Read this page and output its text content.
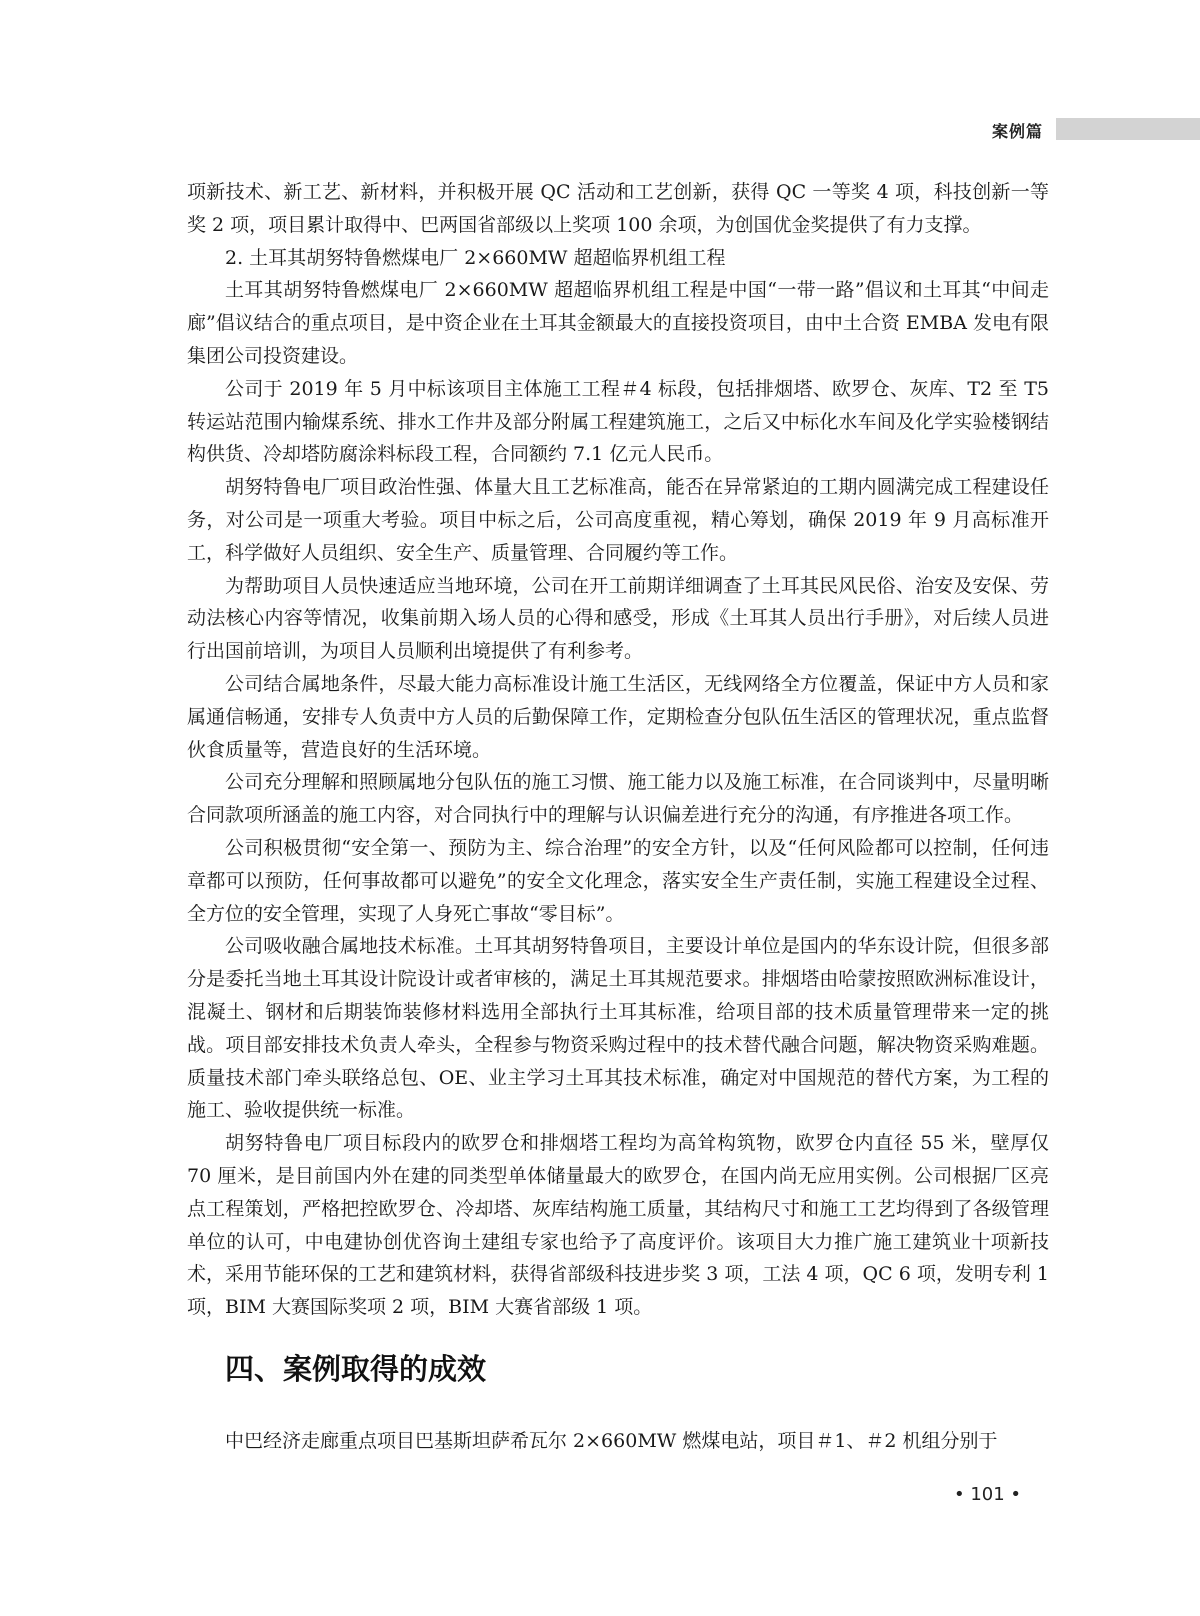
案例篇

项新技术、新工艺、新材料，并积极开展 QC 活动和工艺创新，获得 QC 一等奖 4 项，科技创新一等奖 2 项，项目累计取得中、巴两国省部级以上奖项 100 余项，为创国优金奖提供了有力支撑。

2. 土耳其胡努特鲁燃煤电厂 2×660MW 超超临界机组工程

土耳其胡努特鲁燃煤电厂 2×660MW 超超临界机组工程是中国“一带一路”倡议和土耳其“中间走廊”倡议结合的重点项目，是中资企业在土耳其金额最大的直接投资项目，由中土合资 EMBA 发电有限集团公司投资建设。

公司于 2019 年 5 月中标该项目主体施工工程＃4 标段，包括排烟塔、欧罗仓、灰库、T2 至 T5 转运站范围内输煤系统、排水工作井及部分附属工程建筑施工，之后又中标化水车间及化学实验楼钢结构供货、冷却塔防腐涂料标段工程，合同额约 7.1 亿元人民币。

胡努特鲁电厂项目政治性强、体量大且工艺标准高，能否在异常紧迫的工期内圆满完成工程建设任务，对公司是一项重大考验。项目中标之后，公司高度重视，精心筹划，确保 2019 年 9 月高标准开工，科学做好人员组织、安全生产、质量管理、合同履约等工作。

为帮助项目人员快速适应当地环境，公司在开工前期详细调查了土耳其民风民俗、治安及安保、劳动法核心内容等情况，收集前期入场人员的心得和感受，形成《土耳其人员出行手册》，对后续人员进行出国前培训，为项目人员顺利出境提供了有利参考。

公司结合属地条件，尽最大能力高标准设计施工生活区，无线网络全方位覆盖，保证中方人员和家属通信畅通，安排专人负责中方人员的后勤保障工作，定期检查分包队伍生活区的管理状况，重点监督伙食质量等，营造良好的生活环境。

公司充分理解和照顾属地分包队伍的施工习惯、施工能力以及施工标准，在合同谈判中，尽量明晰合同款项所涵盖的施工内容，对合同执行中的理解与认识偏差进行充分的沟通，有序推进各项工作。

公司积极贯彻“安全第一、预防为主、综合治理”的安全方针，以及“任何风险都可以控制，任何违章都可以预防，任何事故都可以避免”的安全文化理念，落实安全生产责任制，实施工程建设全过程、全方位的安全管理，实现了人身死亡事故“零目标”。

公司吸收融合属地技术标准。土耳其胡努特鲁项目，主要设计单位是国内的华东设计院，但很多部分是委托当地土耳其设计院设计或者审核的，满足土耳其规范要求。排烟塔由哈蒙按照欧洲标准设计，混凝土、钢材和后期装饰装修材料选用全部执行土耳其标准，给项目部的技术质量管理带来一定的挑战。项目部安排技术负责人牵头，全程参与物资采购过程中的技术替代融合问题，解决物资采购难题。质量技术部门牵头联络总包、OE、业主学习土耳其技术标准，确定对中国规范的替代方案，为工程的施工、验收提供统一标准。

胡努特鲁电厂项目标段内的欧罗仓和排烟塔工程均为高耸构筑物，欧罗仓内直径 55 米，壁厚仅 70 厘米，是目前国内外在建的同类型单体储量最大的欧罗仓，在国内尚无应用实例。公司根据厂区亮点工程策划，严格把控欧罗仓、冷却塔、灰库结构施工质量，其结构尺寸和施工工艺均得到了各级管理单位的认可，中电建协创优咨询土建组专家也给予了高度评价。该项目大力推广施工建筑业十项新技术，采用节能环保的工艺和建筑材料，获得省部级科技进步奖 3 项，工法 4 项，QC 6 项，发明专利 1 项，BIM 大赛国际奖项 2 项，BIM 大赛省部级 1 项。

四、案例取得的成效

中巴经济走廊重点项目巴基斯坦萨希瓦尔 2×660MW 燃煤电站，项目＃1、＃2 机组分别于

• 101 •
